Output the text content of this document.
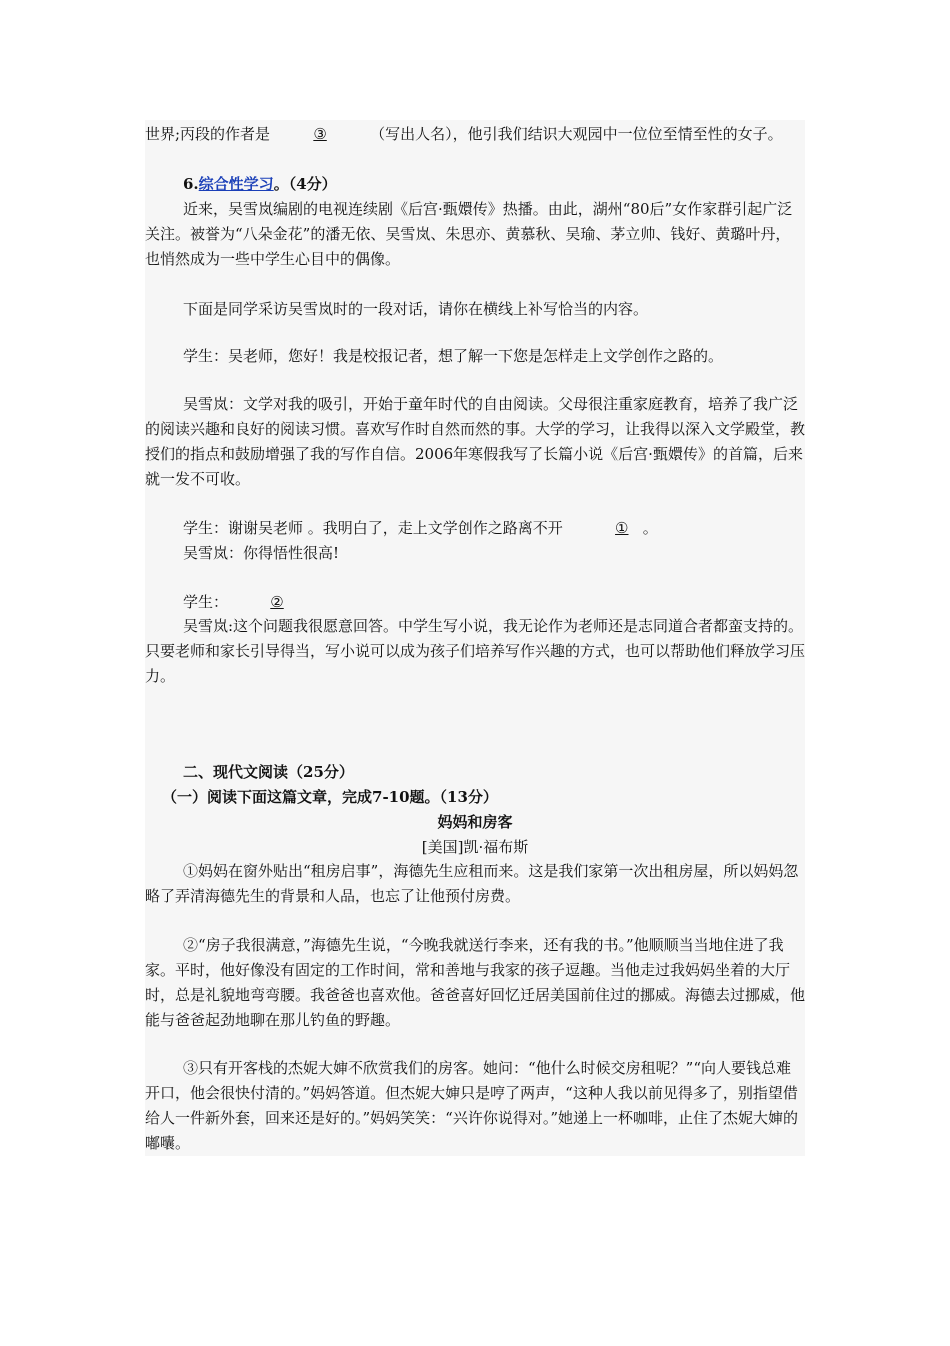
世界;丙段的作者是	③	（写出人名），他引我们结识大观园中一位位至情至性的女子。

6.综合性学习。（4分）

近来，吴雪岚编剧的电视连续剧《后宫·甄嬛传》热播。由此，湖州“80后”女作家群引起广泛关注。被誉为“八朵金花”的潘无依、吴雪岚、朱思亦、黄慕秋、吴瑜、茅立帅、钱好、黄璐叶丹，也悄然成为一些中学生心目中的偶像。

下面是同学采访吴雪岚时的一段对话，请你在横线上补写恰当的内容。

学生：吴老师，您好！我是校报记者，想了解一下您是怎样走上文学创作之路的。

吴雪岚：文学对我的吸引，开始于童年时代的自由阅读。父母很注重家庭教育，培养了我广泛的阅读兴趣和良好的阅读习惯。喜欢写作时自然而然的事。大学的学习，让我得以深入文学殿堂，教授们的指点和鼓励增强了我的写作自信。2006年寒假我写了长篇小说《后宫·甄嬛传》的首篇，后来就一发不可收。

学生：谢谢吴老师 。我明白了，走上文学创作之路离不开	① 。

吴雪岚：你得悟性很高!

学生：	②

吴雪岚:这个问题我很愿意回答。中学生写小说，我无论作为老师还是志同道合者都蛮支持的。只要老师和家长引导得当，写小说可以成为孩子们培养写作兴趣的方式，也可以帮助他们释放学习压力。

二、现代文阅读（25分）

（一）阅读下面这篇文章，完成7-10题。（13分）

妈妈和房客

[美国]凯·福布斯

①妈妈在窗外贴出“租房启事”，海德先生应租而来。这是我们家第一次出租房屋，所以妈妈忽略了弄清海德先生的背景和人品，也忘了让他预付房费。

②“房子我很满意，”海德先生说，“今晚我就送行李来，还有我的书。”他顺顺当当地住进了我家。平时，他好像没有固定的工作时间，常和善地与我家的孩子逗趣。当他走过我妈妈坐着的大厅时，总是礼貌地弯弯腰。我爸爸也喜欢他。爸爸喜好回忆迁居美国前住过的挪威。海德去过挪威，他能与爸爸起劲地聊在那儿钓鱼的野趣。

③只有开客栈的杰妮大婶不欣赏我们的房客。她问：“他什么时候交房租呢？”“向人要钱总难开口，他会很快付清的。”妈妈答道。但杰妮大婶只是哼了两声，“这种人我以前见得多了，别指望借给人一件新外套，回来还是好的。”妈妈笑笑：“兴许你说得对。”她递上一杯咖啡，止住了杰妮大婶的嘟囔。
